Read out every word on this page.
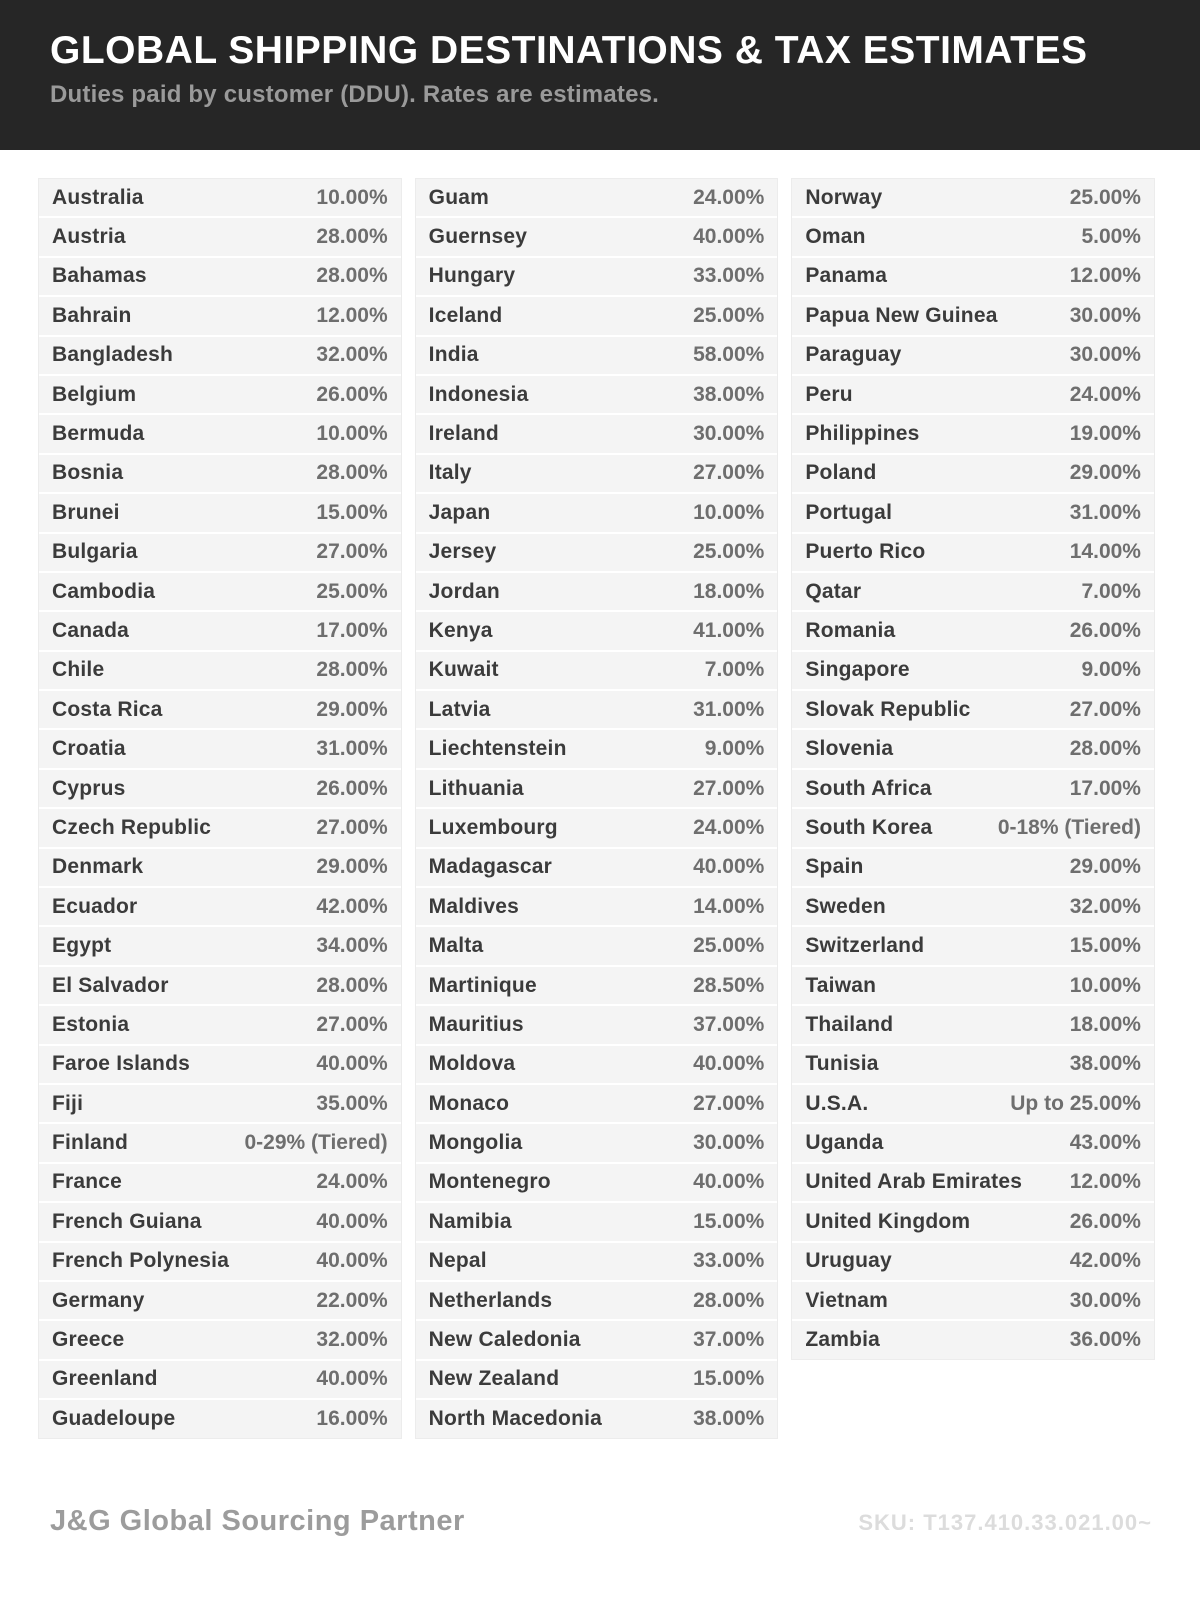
GLOBAL SHIPPING DESTINATIONS & TAX ESTIMATES

Duties paid by customer (DDU). Rates are estimates.

Australia	10.00%
Austria	28.00%
Bahamas	28.00%
Bahrain	12.00%
Bangladesh	32.00%
Belgium	26.00%
Bermuda	10.00%
Bosnia	28.00%
Brunei	15.00%
Bulgaria	27.00%
Cambodia	25.00%
Canada	17.00%
Chile	28.00%
Costa Rica	29.00%
Croatia	31.00%
Cyprus	26.00%
Czech Republic	27.00%
Denmark	29.00%
Ecuador	42.00%
Egypt	34.00%
El Salvador	28.00%
Estonia	27.00%
Faroe Islands	40.00%
Fiji	35.00%
Finland	0-29% (Tiered)
France	24.00%
French Guiana	40.00%
French Polynesia	40.00%
Germany	22.00%
Greece	32.00%
Greenland	40.00%
Guadeloupe	16.00%
Guam	24.00%
Guernsey	40.00%
Hungary	33.00%
Iceland	25.00%
India	58.00%
Indonesia	38.00%
Ireland	30.00%
Italy	27.00%
Japan	10.00%
Jersey	25.00%
Jordan	18.00%
Kenya	41.00%
Kuwait	7.00%
Latvia	31.00%
Liechtenstein	9.00%
Lithuania	27.00%
Luxembourg	24.00%
Madagascar	40.00%
Maldives	14.00%
Malta	25.00%
Martinique	28.50%
Mauritius	37.00%
Moldova	40.00%
Monaco	27.00%
Mongolia	30.00%
Montenegro	40.00%
Namibia	15.00%
Nepal	33.00%
Netherlands	28.00%
New Caledonia	37.00%
New Zealand	15.00%
North Macedonia	38.00%
Norway	25.00%
Oman	5.00%
Panama	12.00%
Papua New Guinea	30.00%
Paraguay	30.00%
Peru	24.00%
Philippines	19.00%
Poland	29.00%
Portugal	31.00%
Puerto Rico	14.00%
Qatar	7.00%
Romania	26.00%
Singapore	9.00%
Slovak Republic	27.00%
Slovenia	28.00%
South Africa	17.00%
South Korea	0-18% (Tiered)
Spain	29.00%
Sweden	32.00%
Switzerland	15.00%
Taiwan	10.00%
Thailand	18.00%
Tunisia	38.00%
U.S.A.	Up to 25.00%
Uganda	43.00%
United Arab Emirates 12.00%
United Kingdom	26.00%
Uruguay	42.00%
Vietnam	30.00%
Zambia	36.00%
J&G Global Sourcing Partner	SKU: T137.410.33.021.00~
